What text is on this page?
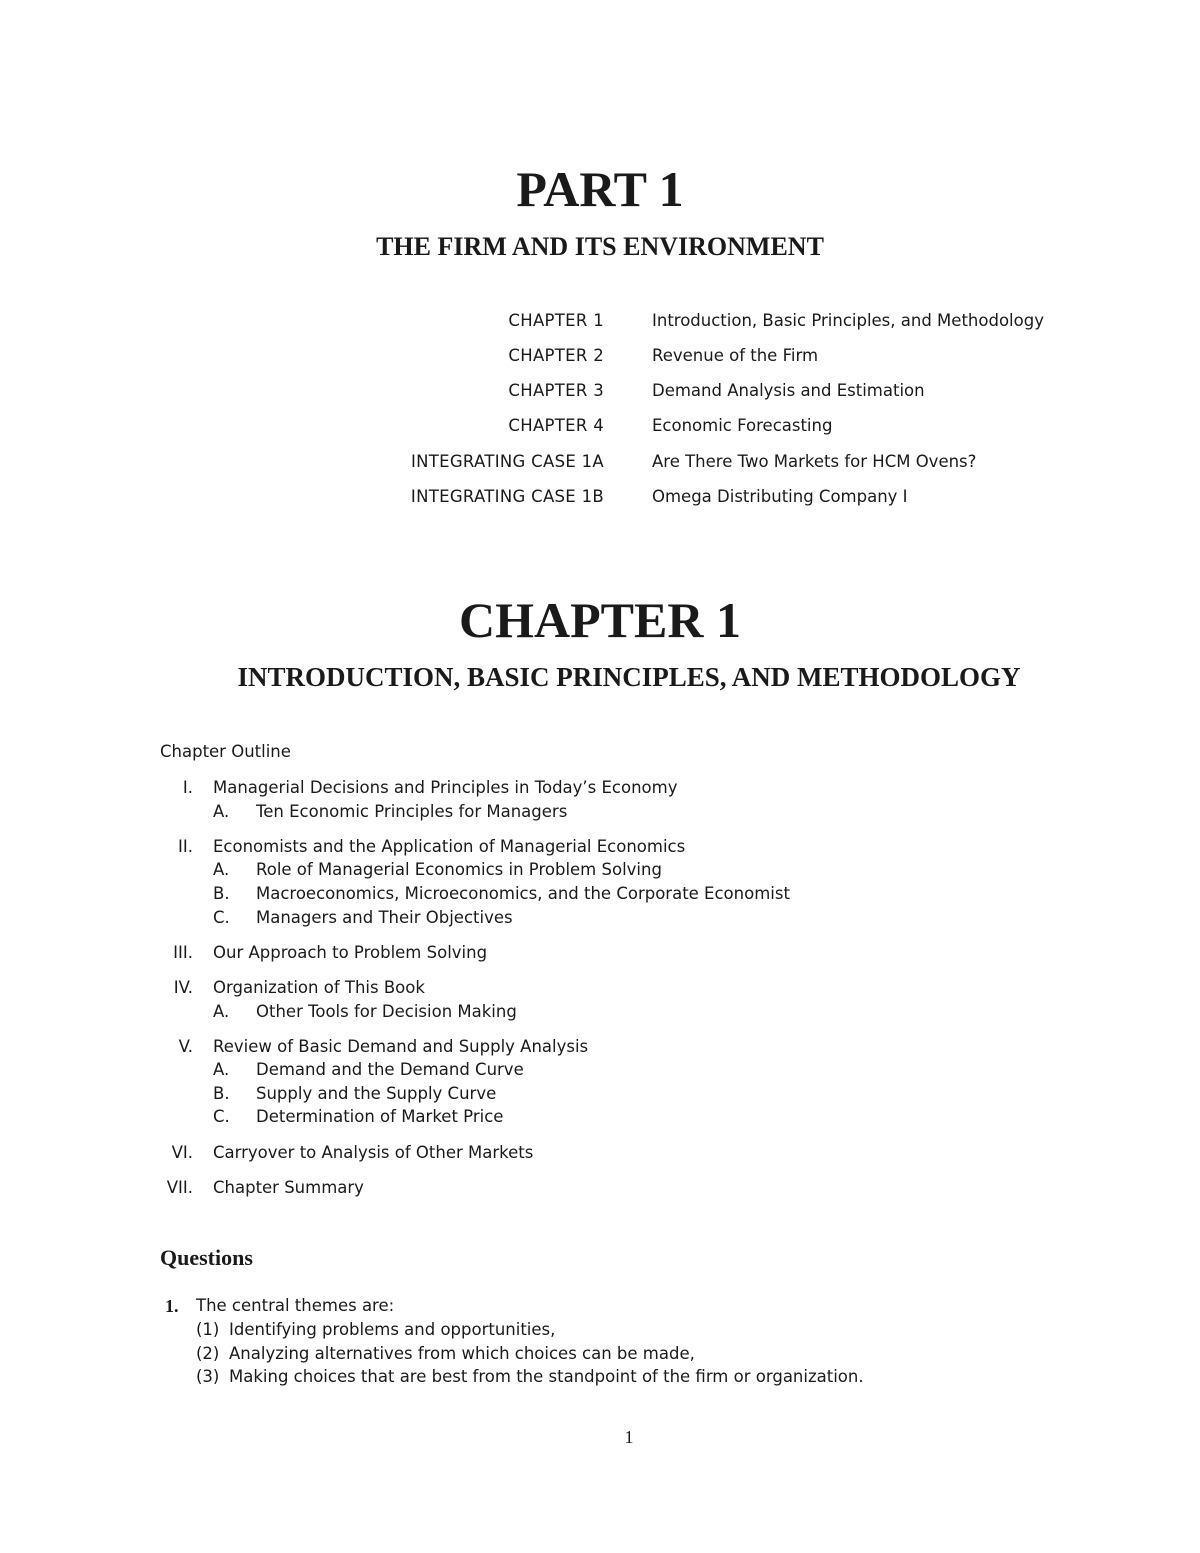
PART 1
THE FIRM AND ITS ENVIRONMENT
CHAPTER 1	Introduction, Basic Principles, and Methodology
CHAPTER 2	Revenue of the Firm
CHAPTER 3	Demand Analysis and Estimation
CHAPTER 4	Economic Forecasting
INTEGRATING CASE 1A	Are There Two Markets for HCM Ovens?
INTEGRATING CASE 1B	Omega Distributing Company I
CHAPTER 1
INTRODUCTION, BASIC PRINCIPLES, AND METHODOLOGY
Chapter Outline
I. Managerial Decisions and Principles in Today’s Economy
A. Ten Economic Principles for Managers
II. Economists and the Application of Managerial Economics
A. Role of Managerial Economics in Problem Solving
B. Macroeconomics, Microeconomics, and the Corporate Economist
C. Managers and Their Objectives
III. Our Approach to Problem Solving
IV. Organization of This Book
A. Other Tools for Decision Making
V. Review of Basic Demand and Supply Analysis
A. Demand and the Demand Curve
B. Supply and the Supply Curve
C. Determination of Market Price
VI. Carryover to Analysis of Other Markets
VII. Chapter Summary
Questions
1. The central themes are:
(1) Identifying problems and opportunities,
(2) Analyzing alternatives from which choices can be made,
(3) Making choices that are best from the standpoint of the firm or organization.
1
